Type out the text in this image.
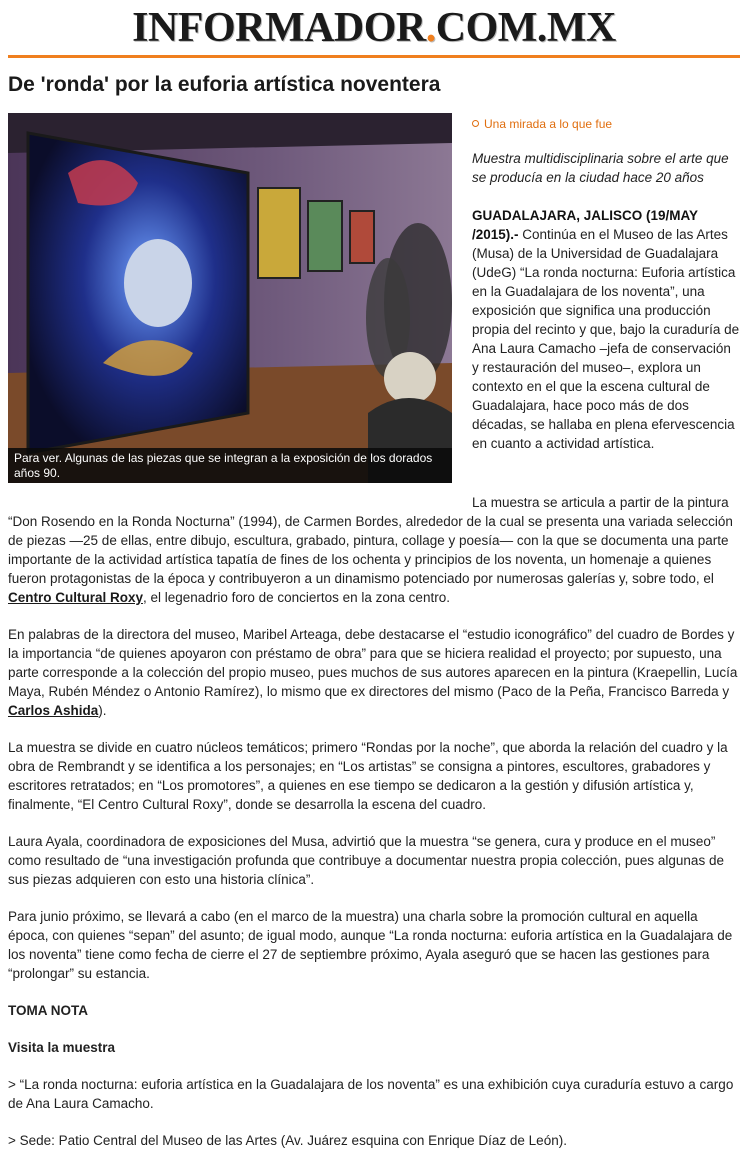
INFORMADOR.COM.MX
De 'ronda' por la euforia artística noventera
Para ver. Algunas de las piezas que se integran a la exposición de los dorados años 90.
Una mirada a lo que fue
Muestra multidisciplinaria sobre el arte que se producía en la ciudad hace 20 años
GUADALAJARA, JALISCO (19/MAY /2015).- Continúa en el Museo de las Artes (Musa) de la Universidad de Guadalajara (UdeG) “La ronda nocturna: Euforia artística en la Guadalajara de los noventa”, una exposición que significa una producción propia del recinto y que, bajo la curaduría de Ana Laura Camacho –jefa de conservación y restauración del museo–, explora un contexto en el que la escena cultural de Guadalajara, hace poco más de dos décadas, se hallaba en plena efervescencia en cuanto a actividad artística.

La muestra se articula a partir de la pintura “Don Rosendo en la Ronda Nocturna” (1994), de Carmen Bordes, alrededor de la cual se presenta una variada selección de piezas —25 de ellas, entre dibujo, escultura, grabado, pintura, collage y poesía— con la que se documenta una parte importante de la actividad artística tapatía de fines de los ochenta y principios de los noventa, un homenaje a quienes fueron protagonistas de la época y contribuyeron a un dinamismo potenciado por numerosas galerías y, sobre todo, el Centro Cultural Roxy, el legenadrio foro de conciertos en la zona centro.

En palabras de la directora del museo, Maribel Arteaga, debe destacarse el “estudio iconográfico” del cuadro de Bordes y la importancia “de quienes apoyaron con préstamo de obra” para que se hiciera realidad el proyecto; por supuesto, una parte corresponde a la colección del propio museo, pues muchos de sus autores aparecen en la pintura (Kraepellin, Lucía Maya, Rubén Méndez o Antonio Ramírez), lo mismo que ex directores del mismo (Paco de la Peña, Francisco Barreda y Carlos Ashida).

La muestra se divide en cuatro núcleos temáticos; primero “Rondas por la noche”, que aborda la relación del cuadro y la obra de Rembrandt y se identifica a los personajes; en “Los artistas” se consigna a pintores, escultores, grabadores y escritores retratados; en “Los promotores”, a quienes en ese tiempo se dedicaron a la gestión y difusión artística y, finalmente, “El Centro Cultural Roxy”, donde se desarrolla la escena del cuadro.

Laura Ayala, coordinadora de exposiciones del Musa, advirtió que la muestra “se genera, cura y produce en el museo” como resultado de “una investigación profunda que contribuye a documentar nuestra propia colección, pues algunas de sus piezas adquieren con esto una historia clínica”.

Para junio próximo, se llevará a cabo (en el marco de la muestra) una charla sobre la promoción cultural en aquella época, con quienes “sepan” del asunto; de igual modo, aunque “La ronda nocturna: euforia artística en la Guadalajara de los noventa” tiene como fecha de cierre el 27 de septiembre próximo, Ayala aseguró que se hacen las gestiones para “prolongar” su estancia.

TOMA NOTA
Visita la muestra

> “La ronda nocturna: euforia artística en la Guadalajara de los noventa” es una exhibición cuya curaduría estuvo a cargo de Ana Laura Camacho.

> Sede: Patio Central del Museo de las Artes (Av. Juárez esquina con Enrique Díaz de León).
